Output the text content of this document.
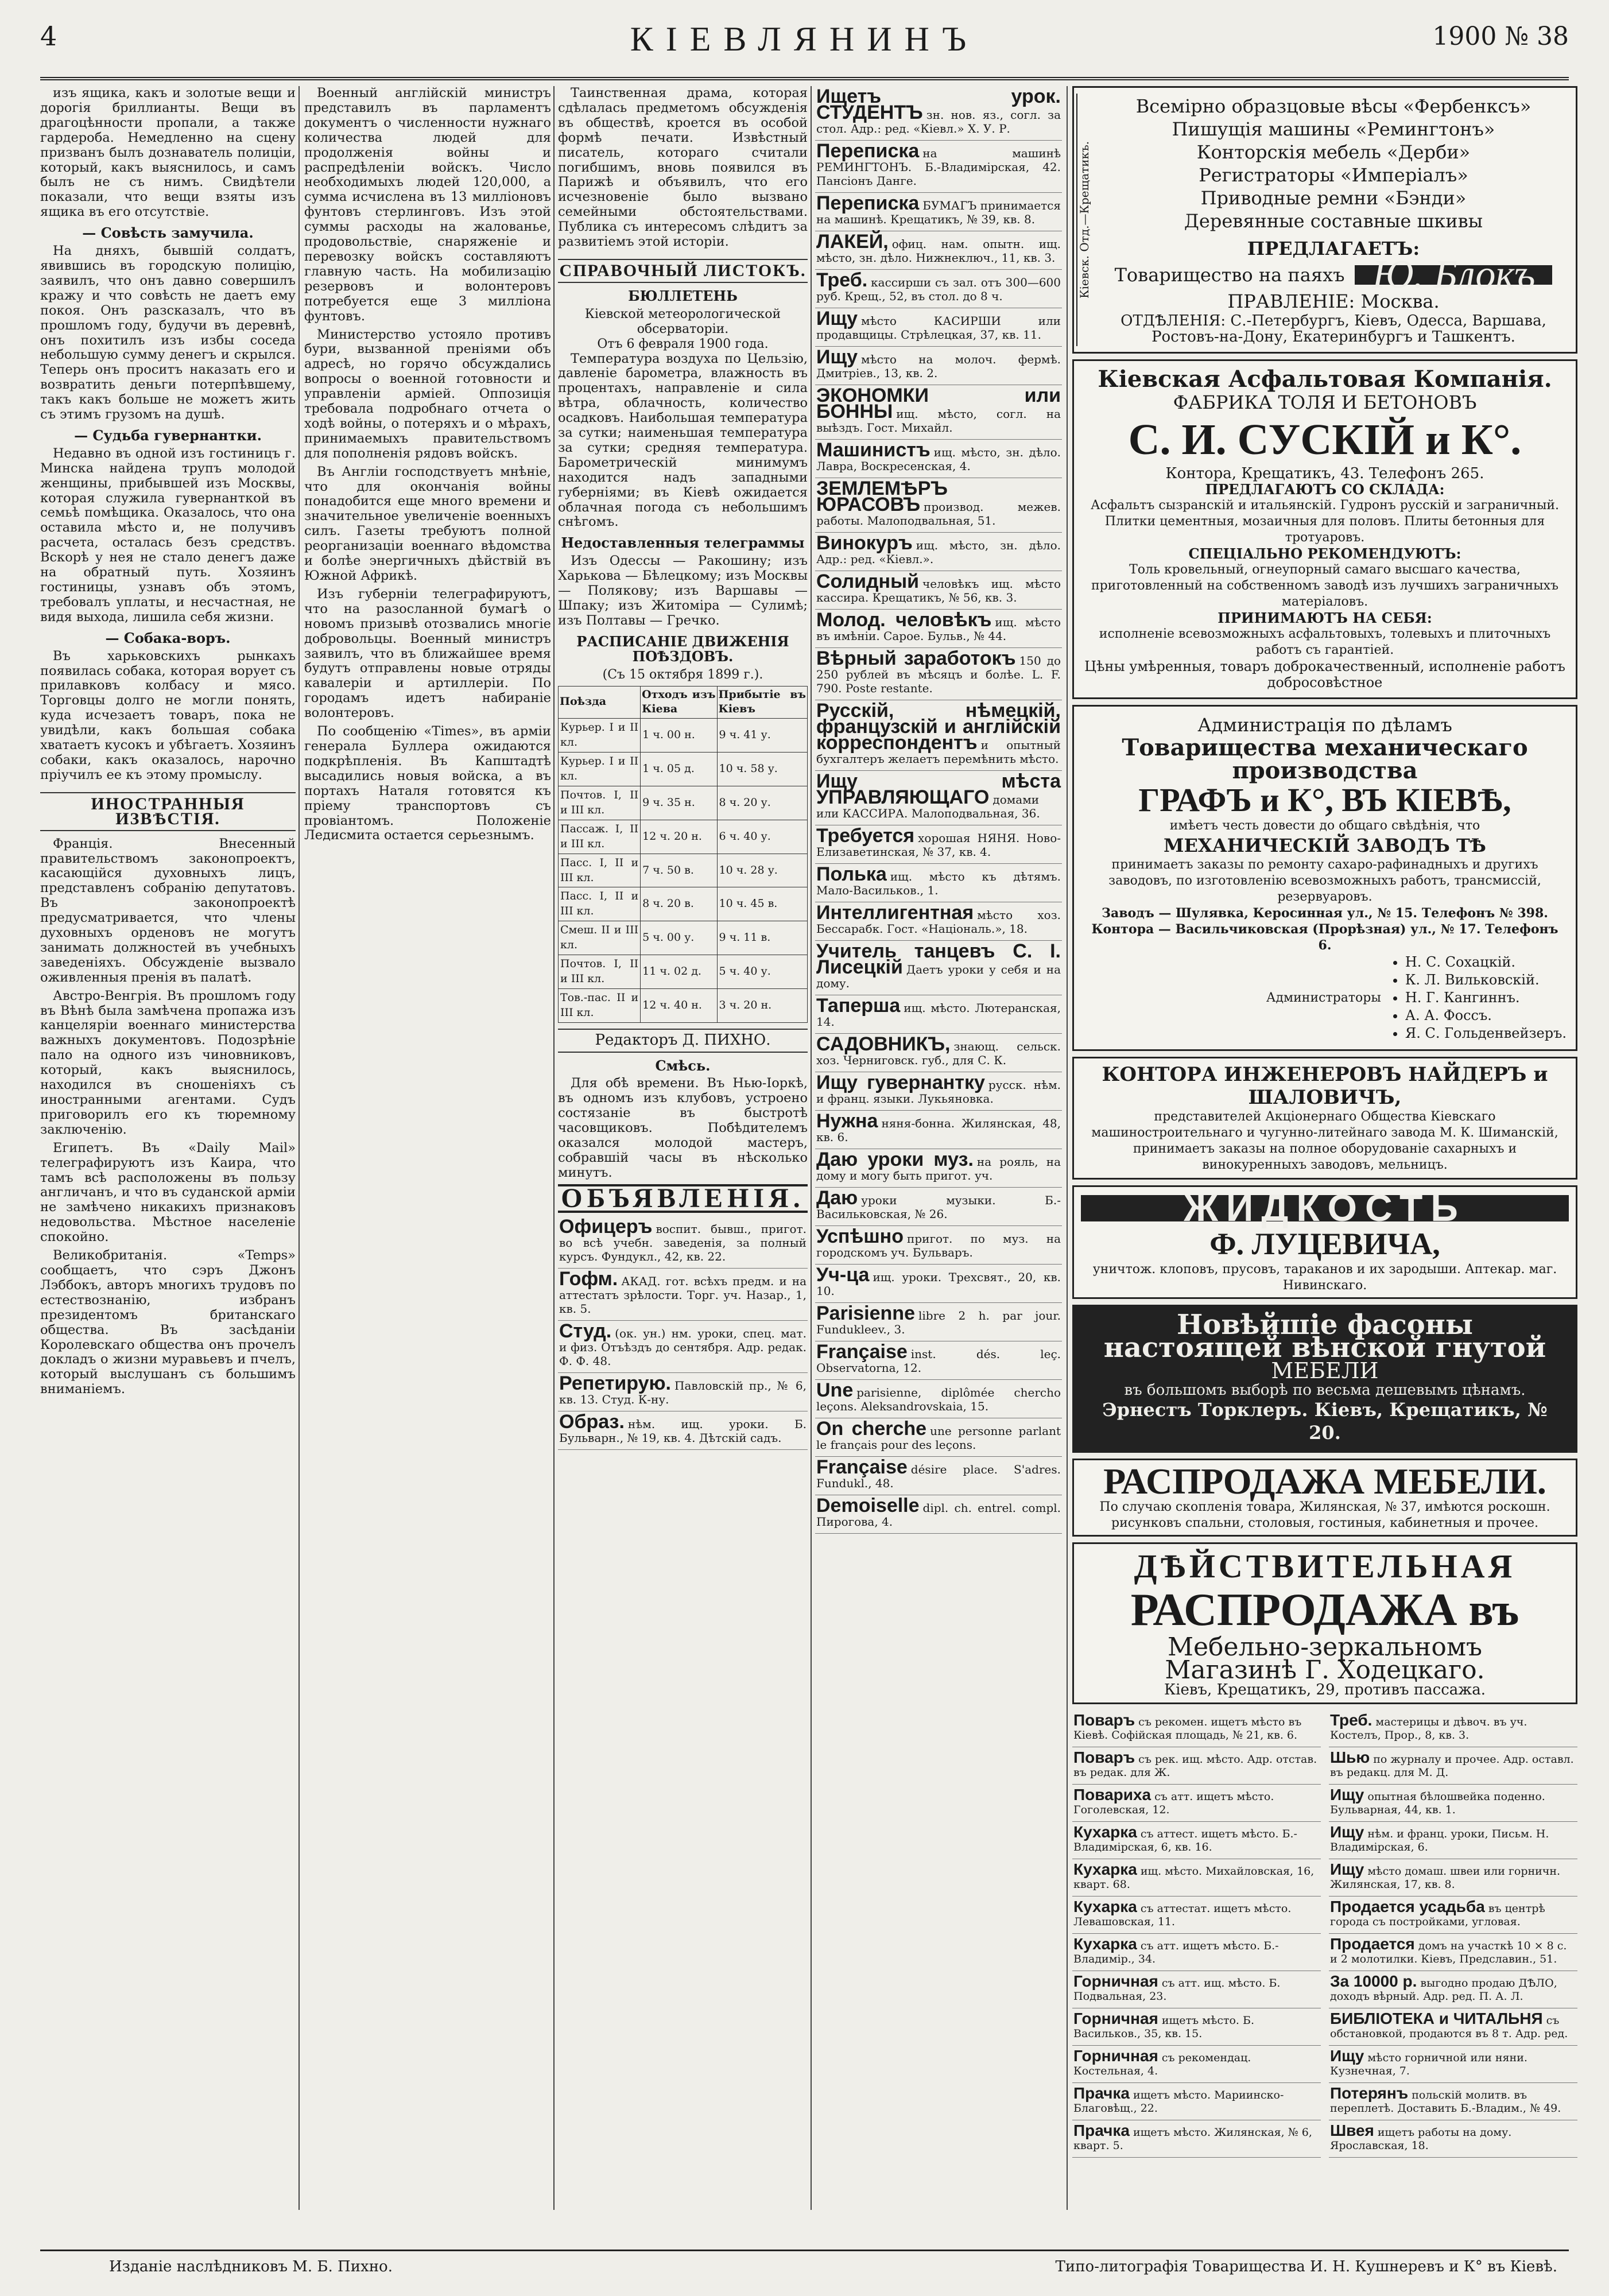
4	КІЕВЛЯНИНЪ	1900 № 38

изъ ящика, какъ и золотые вещи и дорогія бриллианты. Вещи въ драгоцѣнности пропали, а также гардероба. Немедленно на сцену призванъ былъ дознаватель полиціи, который, какъ выяснилось, и самъ былъ не съ нимъ. Свидѣтели показали, что вещи взяты изъ ящика въ его отсутствіе.

— Совѣсть замучила.

На дняхъ, бывшій солдатъ, явившись въ городскую полицію, заявилъ, что онъ давно совершилъ кражу и что совѣсть не даетъ ему покоя. Онъ разсказалъ, что въ прошломъ году, будучи въ деревнѣ, онъ похитилъ изъ избы соседа небольшую сумму денегъ и скрылся. Теперь онъ проситъ наказать его и возвратить деньги потерпѣвшему, такъ какъ больше не можетъ жить съ этимъ грузомъ на душѣ.

— Судьба гувернантки.

Недавно въ одной изъ гостиницъ г. Минска найдена трупъ молодой женщины, прибывшей изъ Москвы, которая служила гувернанткой въ семьѣ помѣщика. Оказалось, что она оставила мѣсто и, не получивъ расчета, осталась безъ средствъ. Вскорѣ у нея не стало денегъ даже на обратный путь. Хозяинъ гостиницы, узнавъ объ этомъ, требовалъ уплаты, и несчастная, не видя выхода, лишила себя жизни.

— Собака-воръ.

Въ харьковскихъ рынкахъ появилась собака, которая ворует съ прилавковъ колбасу и мясо. Торговцы долго не могли понять, куда исчезаетъ товаръ, пока не увидѣли, какъ большая собака хватаетъ кусокъ и убѣгаетъ. Хозяинъ собаки, какъ оказалось, нарочно пріучилъ ее къ этому промыслу.

ИНОСТРАННЫЯ ИЗВѢСТІЯ.

Франція. Внесенный правительствомъ законопроектъ, касающійся духовныхъ лицъ, представленъ собранію депутатовъ. Въ законопроектѣ предусматривается, что члены духовныхъ орденовъ не могутъ занимать должностей въ учебныхъ заведеніяхъ. Обсужденіе вызвало оживленныя пренія въ палатѣ.

Австро-Венгрія. Въ прошломъ году въ Вѣнѣ была замѣчена пропажа изъ канцеляріи военнаго министерства важныхъ документовъ. Подозрѣніе пало на одного изъ чиновниковъ, который, какъ выяснилось, находился въ сношеніяхъ съ иностранными агентами. Судъ приговорилъ его къ тюремному заключенію.

Египетъ. Въ «Daily Mail» телеграфируютъ изъ Каира, что тамъ всѣ расположены въ пользу англичанъ, и что въ суданской арміи не замѣчено никакихъ признаковъ недовольства. Мѣстное населеніе спокойно.

Великобританія. «Temps» сообщаетъ, что сэръ Джонъ Лэббокъ, авторъ многихъ трудовъ по естествознанію, избранъ президентомъ британскаго общества. Въ засѣданіи Королевскаго общества онъ прочелъ докладъ о жизни муравьевъ и пчелъ, который выслушанъ съ большимъ вниманіемъ.

Военный англійскій министръ представилъ въ парламентъ документъ о численности нужнаго количества людей для продолженія войны и распредѣленіи войскъ. Число необходимыхъ людей 120,000, а сумма исчислена въ 13 милліоновъ фунтовъ стерлинговъ. Изъ этой суммы расходы на жалованье, продовольствіе, снаряженіе и перевозку войскъ составляютъ главную часть. На мобилизацію резервовъ и волонтеровъ потребуется еще 3 милліона фунтовъ.

Министерство устояло противъ бури, вызванной преніями объ адресѣ, но горячо обсуждались вопросы о военной готовности и управленіи арміей. Оппозиція требовала подробнаго отчета о ходѣ войны, о потеряхъ и о мѣрахъ, принимаемыхъ правительствомъ для пополненія рядовъ войскъ.

Въ Англіи господствуетъ мнѣніе, что для окончанія войны понадобится еще много времени и значительное увеличеніе военныхъ силъ. Газеты требуютъ полной реорганизаціи военнаго вѣдомства и болѣе энергичныхъ дѣйствій въ Южной Африкѣ.

Изъ губерніи телеграфируютъ, что на разосланной бумагѣ о новомъ призывѣ отозвались многіе добровольцы. Военный министръ заявилъ, что въ ближайшее время будутъ отправлены новые отряды кавалеріи и артиллеріи. По городамъ идетъ набираніе волонтеровъ.

По сообщенію «Times», въ арміи генерала Буллера ожидаются подкрѣпленія. Въ Капштадтѣ высадились новыя войска, а въ портахъ Наталя готовятся къ пріему транспортовъ съ провіантомъ. Положеніе Ледисмита остается серьезнымъ.

Таинственная драма, которая сдѣлалась предметомъ обсужденія въ обществѣ, кроется въ особой формѣ печати. Извѣстный писатель, котораго считали погибшимъ, вновь появился въ Парижѣ и объявилъ, что его исчезновеніе было вызвано семейными обстоятельствами. Публика съ интересомъ слѣдитъ за развитіемъ этой исторіи.

СПРАВОЧНЫЙ ЛИСТОКЪ.
БЮЛЛЕТЕНЬ
Кіевской метеорологической обсерваторіи.
Отъ 6 февраля 1900 года.

Температура воздуха по Цельзію, давленіе барометра, влажность въ процентахъ, направленіе и сила вѣтра, облачность, количество осадковъ. Наибольшая температура за сутки; наименьшая температура за сутки; средняя температура. Барометрическій минимумъ находится надъ западными губерніями; въ Кіевѣ ожидается облачная погода съ небольшимъ снѣгомъ.

Недоставленныя телеграммы

Изъ Одессы — Ракошину; изъ Харькова — Бѣлецкому; изъ Москвы — Полякову; изъ Варшавы — Шпаку; изъ Житоміра — Сулимѣ; изъ Полтавы — Гречко.

РАСПИСАНІЕ ДВИЖЕНІЯ ПОѢЗДОВЪ.
(Съ 15 октября 1899 г.).
Поѣзда	Отходъ изъ Кіева	Прибытіе въ Кіевъ
Курьер. I и II кл.	1 ч. 00 н.	9 ч. 41 у.
Курьер. I и II кл.	1 ч. 05 д.	10 ч. 58 у.
Почтов. I, II и III кл.	9 ч. 35 н.	8 ч. 20 у.
Пассаж. I, II и III кл.	12 ч. 20 н.	6 ч. 40 у.
Пасс. I, II и III кл.	7 ч. 50 в.	10 ч. 28 у.
Пасс. I, II и III кл.	8 ч. 20 в.	10 ч. 45 в.
Смеш. II и III кл.	5 ч. 00 у.	9 ч. 11 в.
Почтов. I, II и III кл.	11 ч. 02 д.	5 ч. 40 у.
Тов.-пас. II и III кл.	12 ч. 40 н.	3 ч. 20 н.
Редакторъ Д. ПИХНО.
Смѣсь.

Для обѣ времени. Въ Нью-Іоркѣ, въ одномъ изъ клубовъ, устроено состязаніе въ быстротѣ часовщиковъ. Побѣдителемъ оказался молодой мастеръ, собравшій часы въ нѣсколько минутъ.

ОБЪЯВЛЕНІЯ.
Офицеръ воспит. бывш., пригот. во всѣ учебн. заведенія, за полный курсъ. Фундукл., 42, кв. 22.
Гофм. АКАД. гот. всѣхъ предм. и на аттестатъ зрѣлости. Торг. уч. Назар., 1, кв. 5.
Студ. (ок. ун.) нм. уроки, спец. мат. и физ. Отъѣздъ до сентября. Адр. редак. Ф. Ф. 48.
Репетирую. Павловскій пр., № 6, кв. 13. Студ. К-ну.
Образ. нѣм. ищ. уроки. Б. Бульварн., № 19, кв. 4. Дѣтскій садъ.
Ищетъ урок. СТУДЕНТЪ зн. нов. яз., согл. за стол. Адр.: ред. «Кіевл.» Х. У. Р.
Переписка на машинѣ РЕМИНГТОНЪ. Б.-Владимірская, 42. Пансіонъ Данге.
Переписка БУМАГЪ принимается на машинѣ. Крещатикъ, № 39, кв. 8.
ЛАКЕЙ, офиц. нам. опытн. ищ. мѣсто, зн. дѣло. Нижнеключ., 11, кв. 3.
Треб. кассирши съ зал. отъ 300—600 руб. Крещ., 52, въ стол. до 8 ч.
Ищу мѣсто КАСИРШИ или продавщицы. Стрѣлецкая, 37, кв. 11.
Ищу мѣсто на молоч. фермѣ. Дмитріев., 13, кв. 2.
ЭКОНОМКИ или БОННЫ ищ. мѣсто, согл. на выѣздъ. Гост. Михайл.
Машинистъ ищ. мѣсто, зн. дѣло. Лавра, Воскресенская, 4.
ЗЕМЛЕМѢРЪ ЮРАСОВЪ производ. межев. работы. Малоподвальная, 51.
Винокуръ ищ. мѣсто, зн. дѣло. Адр.: ред. «Кіевл.».
Солидный человѣкъ ищ. мѣсто кассира. Крещатикъ, № 56, кв. 3.
Молод. человѣкъ ищ. мѣсто въ имѣніи. Сарое. Бульв., № 44.
Вѣрный заработокъ 150 до 250 рублей въ мѣсяцъ и болѣе. L. F. 790. Poste restante.
Русскій, нѣмецкій, французскій и англійскій корреспондентъ и опытный бухгалтеръ желаетъ перемѣнить мѣсто.
Ищу мѣста УПРАВЛЯЮЩАГО домами или КАССИРА. Малоподвальная, 36.
Требуется хорошая НЯНЯ. Ново-Елизаветинская, № 37, кв. 4.
Полька ищ. мѣсто къ дѣтямъ. Мало-Васильков., 1.
Интеллигентная мѣсто хоз. Бессарабк. Гост. «Національ.», 18.
Учитель танцевъ С. І. Лисецкій Даетъ уроки у себя и на дому.
Таперша ищ. мѣсто. Лютеранская, 14.
САДОВНИКЪ, знающ. сельск. хоз. Черниговск. губ., для С. К.
Ищу гувернантку русск. нѣм. и франц. языки. Лукьяновка.
Нужна няня-бонна. Жилянская, 48, кв. 6.
Даю уроки муз. на рояль, на дому и могу быть пригот. уч.
Даю уроки музыки. Б.-Васильковская, № 26.
Успѣшно пригот. по муз. на городскомъ уч. Бульваръ.
Уч-ца ищ. уроки. Трехсвят., 20, кв. 10.
Parisienne libre 2 h. par jour. Fundukleev., 3.
Française inst. dés. leç. Observatorna, 12.
Une parisienne, diplômée chercho leçons. Aleksandrovskaia, 15.
On cherche une personne parlant le français pour des leçons.
Française désire place. S'adres. Fundukl., 48.
Demoiselle dipl. ch. entrel. compl. Пирогова, 4.
Кіевск. Отд.—Крещатикъ.
Всемірно образцовые вѣсы «Фербенксъ»
Пишущія машины «Ремингтонъ»
Конторскія мебель «Дерби»
Регистраторы «Имперіалъ»
Приводные ремни «Бэнди»
Деревянные составные шкивы
ПРЕДЛАГАЕТЪ:
Товарищество на паяхъ Ю. Блокъ
ПРАВЛЕНІЕ: Москва.
ОТДѢЛЕНІЯ: С.-Петербургъ, Кіевъ, Одесса, Варшава, Ростовъ-на-Дону, Екатеринбургъ и Ташкентъ.
Кіевская Асфальтовая Компанія.
ФАБРИКА ТОЛЯ И БЕТОНОВЪ
С. И. СУСКІЙ и К°.
Контора, Крещатикъ, 43. Телефонъ 265.
ПРЕДЛАГАЮТЪ СО СКЛАДА:
Асфальтъ сызранскій и итальянскій. Гудронъ русскій и заграничный. Плитки цементныя, мозаичныя для половъ. Плиты бетонныя для тротуаровъ.
СПЕЦІАЛЬНО РЕКОМЕНДУЮТЪ:
Толь кровельный, огнеупорный самаго высшаго качества, приготовленный на собственномъ заводѣ изъ лучшихъ заграничныхъ матеріаловъ.
ПРИНИМАЮТЪ НА СЕБЯ:
исполненіе всевозможныхъ асфальтовыхъ, толевыхъ и плиточныхъ работъ съ гарантіей.
Цѣны умѣренныя, товаръ доброкачественный, исполненіе работъ добросовѣстное
Администрація по дѣламъ
Товарищества механическаго производства
ГРАФЪ и К°, ВЪ КІЕВѢ,
имѣетъ честь довести до общаго свѣдѣнія, что
МЕХАНИЧЕСКІЙ ЗАВОДЪ ТѢ
принимаетъ заказы по ремонту сахаро-рафинадныхъ и другихъ заводовъ, по изготовленію всевозможныхъ работъ, трансмиссій, резервуаровъ.
Заводъ — Шулявка, Керосинная ул., № 15. Телефонъ № 398.
Контора — Васильчиковская (Прорѣзная) ул., № 17. Телефонъ 6.
Администраторы
• Н. С. Сохацкій.
• К. Л. Вильковскій.
• Н. Г. Кангиннъ.
• А. А. Фоссъ.
• Я. С. Гольденвейзеръ.
КОНТОРА ИНЖЕНЕРОВЪ НАЙДЕРЪ и ШАЛОВИЧЪ,
представителей Акціонернаго Общества Кіевскаго машиностроительнаго и чугунно-литейнаго завода М. К. Шиманскій, принимаетъ заказы на полное оборудованіе сахарныхъ и винокуренныхъ заводовъ, мельницъ.
ЖИДКОСТЬ
Ф. ЛУЦЕВИЧА,
уничтож. клоповъ, прусовъ, тараканов и их зародыши. Аптекар. маг. Нивинскаго.
Новѣйшіе фасоны
настоящей вѣнской гнутой
МЕБЕЛИ
въ большомъ выборѣ по весьма дешевымъ цѣнамъ.
Эрнестъ Торклеръ. Кіевъ, Крещатикъ, № 20.
РАСПРОДАЖА МЕБЕЛИ.
По случаю скопленія товара, Жилянская, № 37, имѣются роскошн. рисунковъ спальни, столовыя, гостиныя, кабинетныя и прочее.
ДѢЙСТВИТЕЛЬНАЯ
РАСПРОДАЖА въ
Мебельно-зеркальномъ
Магазинѣ Г. Ходецкаго.
Кіевъ, Крещатикъ, 29, противъ пассажа.
Поваръ съ рекомен. ищетъ мѣсто въ Кіевѣ. Софійская площадь, № 21, кв. 6.
Треб. мастерицы и дѣвоч. въ уч. Костелъ, Прор., 8, кв. 3.
Поваръ съ рек. ищ. мѣсто. Адр. отстав. въ редак. для Ж.
Шью по журналу и прочее. Адр. оставл. въ редакц. для М. Д.
Повариха съ атт. ищетъ мѣсто. Гоголевская, 12.
Ищу опытная бѣлошвейка поденно. Бульварная, 44, кв. 1.
Кухарка съ аттест. ищетъ мѣсто. Б.-Владимірская, 6, кв. 16.
Ищу нѣм. и франц. уроки, Письм. Н. Владимірская, 6.
Кухарка ищ. мѣсто. Михайловская, 16, кварт. 68.
Ищу мѣсто домаш. швеи или горничн. Жилянская, 17, кв. 8.
Кухарка съ аттестат. ищетъ мѣсто. Левашовская, 11.
Продается усадьба въ центрѣ города съ постройками, угловая.
Кухарка съ атт. ищетъ мѣсто. Б.-Владимір., 34.
Продается домъ на участкѣ 10 × 8 с. и 2 молотилки. Кіевъ, Предславин., 51.
Горничная съ атт. ищ. мѣсто. Б. Подвальная, 23.
За 10000 р. выгодно продаю ДѢЛО, доходъ вѣрный. Адр. ред. П. А. Л.
Горничная ищетъ мѣсто. Б. Васильков., 35, кв. 15.
БИБЛІОТЕКА и ЧИТАЛЬНЯ съ обстановкой, продаются въ 8 т. Адр. ред.
Горничная съ рекомендац. Костельная, 4.
Ищу мѣсто горничной или няни. Кузнечная, 7.
Прачка ищетъ мѣсто. Мариинско-Благовѣщ., 22.
Потерянъ польскій молитв. въ переплетѣ. Доставить Б.-Владим., № 49.
Прачка ищетъ мѣсто. Жилянская, № 6, кварт. 5.
Швея ищетъ работы на дому. Ярославская, 18.
Изданіе наслѣдниковъ М. Б. Пихно.	Типо-литографія Товарищества И. Н. Кушнеревъ и К° въ Кіевѣ.
